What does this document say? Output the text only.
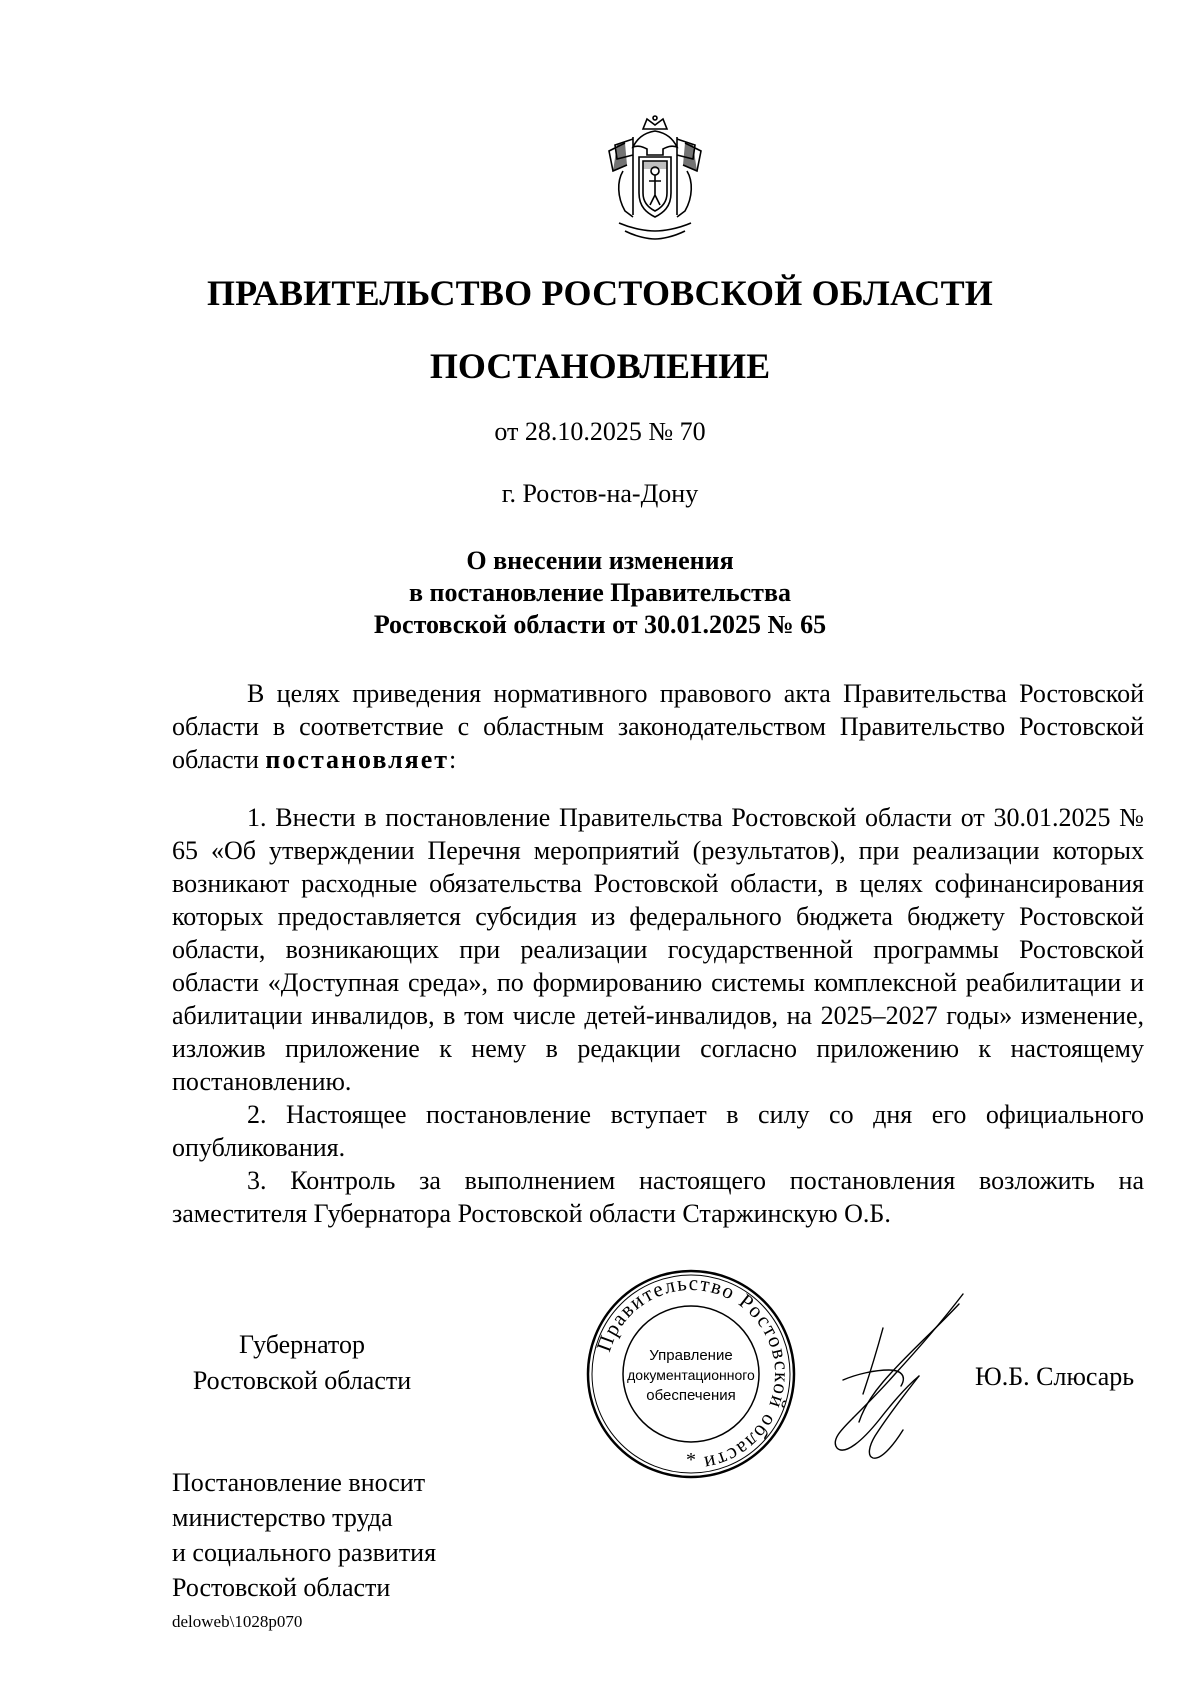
ПРАВИТЕЛЬСТВО РОСТОВСКОЙ ОБЛАСТИ
ПОСТАНОВЛЕНИЕ
от 28.10.2025 № 70
г. Ростов-на-Дону
О внесении изменения
в постановление Правительства
Ростовской области от 30.01.2025 № 65

В целях приведения нормативного правового акта Правительства Ростовской области в соответствие с областным законодательством Правительство Ростовской области постановляет:

1. Внести в постановление Правительства Ростовской области от 30.01.2025 № 65 «Об утверждении Перечня мероприятий (результатов), при реализации которых возникают расходные обязательства Ростовской области, в целях софинансирования которых предоставляется субсидия из федерального бюджета бюджету Ростовской области, возникающих при реализации государственной программы Ростовской области «Доступная среда», по формированию системы комплексной реабилитации и абилитации инвалидов, в том числе детей-инвалидов, на 2025–2027 годы» изменение, изложив приложение к нему в редакции согласно приложению к настоящему постановлению.

2. Настоящее постановление вступает в силу со дня его официального опубликования.

3. Контроль за выполнением настоящего постановления возложить на заместителя Губернатора Ростовской области Старжинскую О.Б.

Губернатор
Ростовской области
Правительство Ростовской области
Управление
документационного
обеспечения
*
Ю.Б. Слюсарь
Постановление вносит
министерство труда
и социального развития
Ростовской области
deloweb\1028p070
